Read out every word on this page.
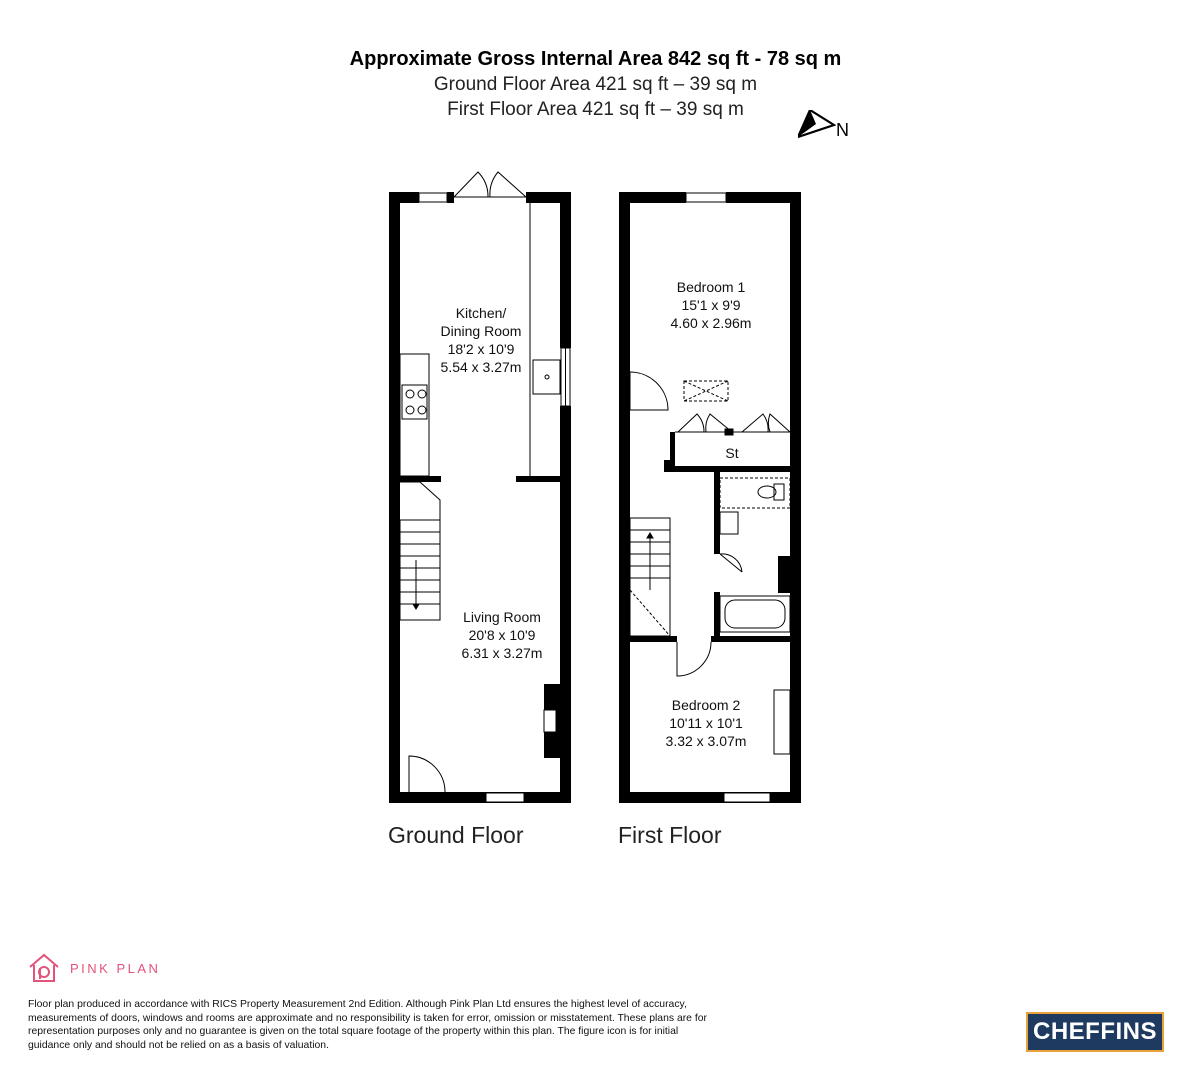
Approximate Gross Internal Area 842 sq ft - 78 sq m
Ground Floor Area 421 sq ft – 39 sq m
First Floor Area 421 sq ft – 39 sq m
N
Kitchen/
Dining Room
18'2 x 10'9
5.54 x 3.27m
Living Room
20'8 x 10'9
6.31 x 3.27m
Bedroom 1
15'1 x 9'9
4.60 x 2.96m
St
Bedroom 2
10'11 x 10'1
3.32 x 3.07m
Ground Floor	First Floor
PINK PLAN
Floor plan produced in accordance with RICS Property Measurement 2nd Edition. Although Pink Plan Ltd ensures the highest level of accuracy, measurements of doors, windows and rooms are approximate and no responsibility is taken for error, omission or misstatement. These plans are for representation purposes only and no guarantee is given on the total square footage of the property within this plan. The figure icon is for initial guidance only and should not be relied on as a basis of valuation.
CHEFFINS
